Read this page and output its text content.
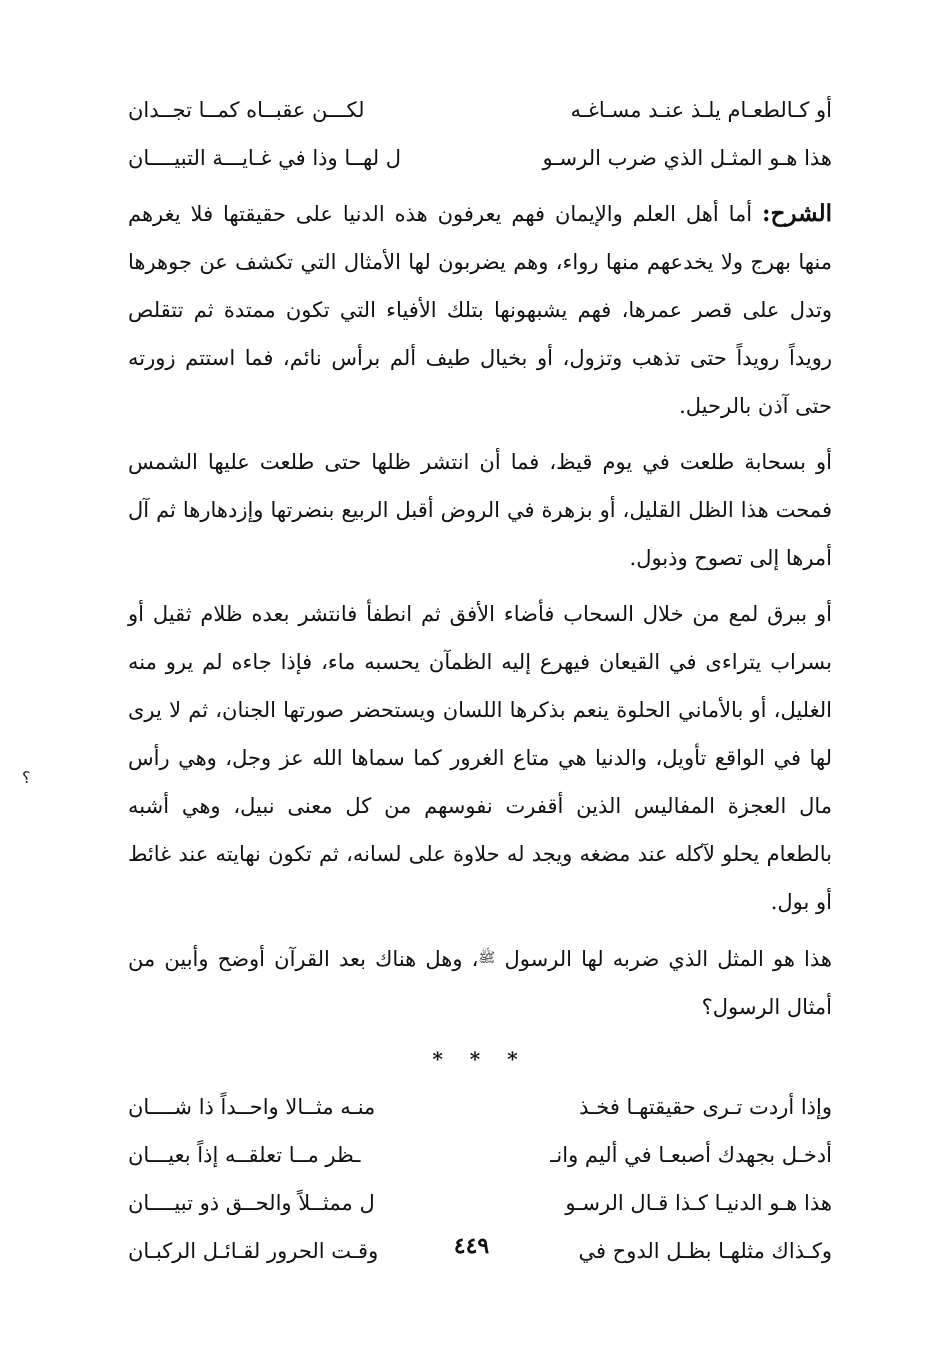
أو كـالطعـام يلـذ عنـد مسـاغـه
لكـــن عقبــاه كمــا تجــدان
هذا هـو المثـل الذي ضرب الرسـو
ل لهــا وذا في غـايـــة التبيــــان

الشرح: أما أهل العلم والإيمان فهم يعرفون هذه الدنيا على حقيقتها فلا يغرهم منها بهرج ولا يخدعهم منها رواء، وهم يضربون لها الأمثال التي تكشف عن جوهرها وتدل على قصر عمرها، فهم يشبهونها بتلك الأفياء التي تكون ممتدة ثم تتقلص رويداً رويداً حتى تذهب وتزول، أو بخيال طيف ألم برأس نائم، فما استتم زورته حتى آذن بالرحيل.

أو بسحابة طلعت في يوم قيظ، فما أن انتشر ظلها حتى طلعت عليها الشمس فمحت هذا الظل القليل، أو بزهرة في الروض أقبل الربيع بنضرتها وإزدهارها ثم آل أمرها إلى تصوح وذبول.

أو ببرق لمع من خلال السحاب فأضاء الأفق ثم انطفأ فانتشر بعده ظلام ثقيل أو بسراب يتراءى في القيعان فيهرع إليه الظمآن يحسبه ماء، فإذا جاءه لم يرو منه الغليل، أو بالأماني الحلوة ينعم بذكرها اللسان ويستحضر صورتها الجنان، ثم لا يرى لها في الواقع تأويل، والدنيا هي متاع الغرور كما سماها الله عز وجل، وهي رأس مال العجزة المفاليس الذين أقفرت نفوسهم من كل معنى نبيل، وهي أشبه بالطعام يحلو لآكله عند مضغه ويجد له حلاوة على لسانه، ثم تكون نهايته عند غائط أو بول.

هذا هو المثل الذي ضربه لها الرسول ﷺ، وهل هناك بعد القرآن أوضح وأبين من أمثال الرسول؟

* * *
وإذا أردت تـرى حقيقتهـا فخـذ
منـه مثــالا واحــداً ذا شــــان
أدخـل بجهدك أصبعـا في أليم وانـ
ـظر مــا تعلقــه إذاً بعيـــان
هذا هـو الدنيـا كـذا قـال الرسـو
ل ممثــلاً والحــق ذو تبيــــان
وكـذاك مثلهـا بظـل الدوح في
وقـت الحرور لقـائـل الركبـان
؟
٤٤٩
